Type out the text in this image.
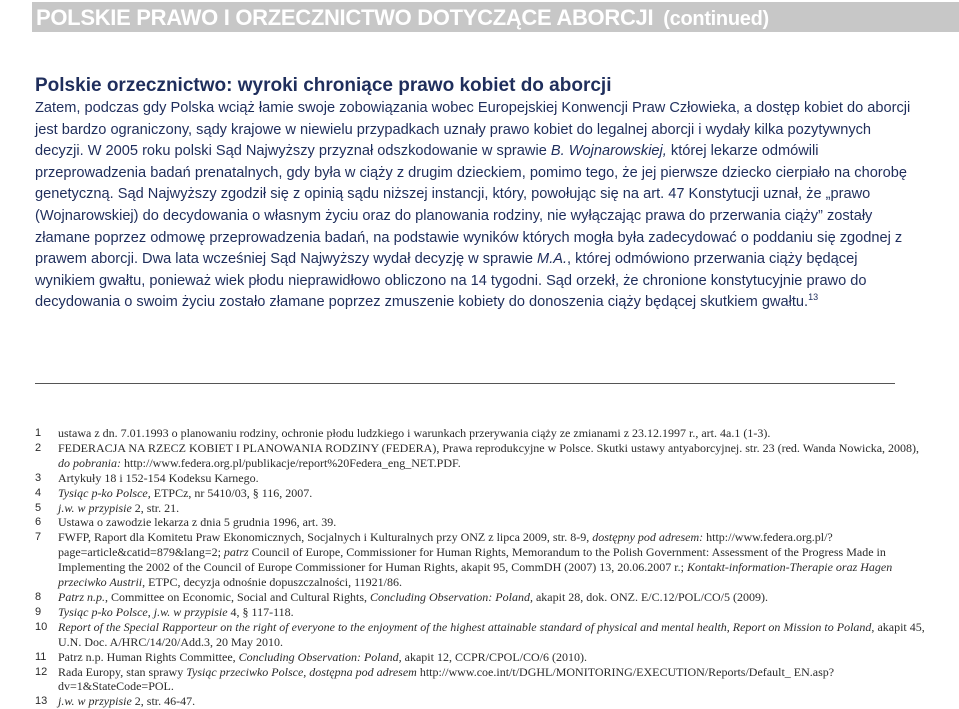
POLSKIE PRAWO I ORZECZNICTWO DOTYCZĄCE ABORCJI (continued)
Polskie orzecznictwo: wyroki chroniące prawo kobiet do aborcji

Zatem, podczas gdy Polska wciąż łamie swoje zobowiązania wobec Europejskiej Konwencji Praw Człowieka, a dostęp kobiet do aborcji jest bardzo ograniczony, sądy krajowe w niewielu przypadkach uznały prawo kobiet do legalnej aborcji i wydały kilka pozytywnych decyzji. W 2005 roku polski Sąd Najwyższy przyznał odszkodowanie w sprawie B. Wojnarowskiej, której lekarze odmówili przeprowadzenia badań prenatalnych, gdy była w ciąży z drugim dzieckiem, pomimo tego, że jej pierwsze dziecko cierpiało na chorobę genetyczną. Sąd Najwyższy zgodził się z opinią sądu niższej instancji, który, powołując się na art. 47 Konstytucji uznał, że „prawo (Wojnarowskiej) do decydowania o własnym życiu oraz do planowania rodziny, nie wyłączając prawa do przerwania ciąży” zostały złamane poprzez odmowę przeprowadzenia badań, na podstawie wyników których mogła była zadecydować o poddaniu się zgodnej z prawem aborcji. Dwa lata wcześniej Sąd Najwyższy wydał decyzję w sprawie M.A., której odmówiono przerwania ciąży będącej wynikiem gwałtu, ponieważ wiek płodu nieprawidłowo obliczono na 14 tygodni. Sąd orzekł, że chronione konstytucyjnie prawo do decydowania o swoim życiu zostało złamane poprzez zmuszenie kobiety do donoszenia ciąży będącej skutkiem gwałtu.$^{13}$

1 ustawa z dn. 7.01.1993 o planowaniu rodziny, ochronie płodu ludzkiego i warunkach przerywania ciąży ze zmianami z 23.12.1997 r., art. 4a.1 (1-3).
2 FEDERACJA NA RZECZ KOBIET I PLANOWANIA RODZINY (FEDERA), Prawa reprodukcyjne w Polsce. Skutki ustawy antyaborcyjnej. str. 23 (red. Wanda Nowicka, 2008), do pobrania: http://www.federa.org.pl/publikacje/report%20Federa_eng_NET.PDF.
3 Artykuły 18 i 152-154 Kodeksu Karnego.
4 Tysiąc p-ko Polsce, ETPCz, nr 5410/03, § 116, 2007.
5 j.w. w przypisie 2, str. 21.
6 Ustawa o zawodzie lekarza z dnia 5 grudnia 1996, art. 39.
7 FWFP, Raport dla Komitetu Praw Ekonomicznych, Socjalnych i Kulturalnych przy ONZ z lipca 2009, str. 8-9, dostępny pod adresem: http://www.federa.org.pl/?page=article&catid=879&lang=2; patrz Council of Europe, Commissioner for Human Rights, Memorandum to the Polish Government: Assessment of the Progress Made in Implementing the 2002 of the Council of Europe Commissioner for Human Rights, akapit 95, CommDH (2007) 13, 20.06.2007 r.; Kontakt-information-Therapie oraz Hagen przeciwko Austrii, ETPC, decyzja odnośnie dopuszczalności, 11921/86.
8 Patrz n.p., Committee on Economic, Social and Cultural Rights, Concluding Observation: Poland, akapit 28, dok. ONZ. E/C.12/POL/CO/5 (2009).
9 Tysiąc p-ko Polsce, j.w. w przypisie 4, § 117-118.
10 Report of the Special Rapporteur on the right of everyone to the enjoyment of the highest attainable standard of physical and mental health, Report on Mission to Poland, akapit 45, U.N. Doc. A/HRC/14/20/Add.3, 20 May 2010.
11 Patrz n.p. Human Rights Committee, Concluding Observation: Poland, akapit 12, CCPR/CPOL/CO/6 (2010).
12 Rada Europy, stan sprawy Tysiąc przeciwko Polsce, dostępna pod adresem http://www.coe.int/t/DGHL/MONITORING/EXECUTION/Reports/Default_ EN.asp?dv=1&StateCode=POL.
13 j.w. w przypisie 2, str. 46-47.
